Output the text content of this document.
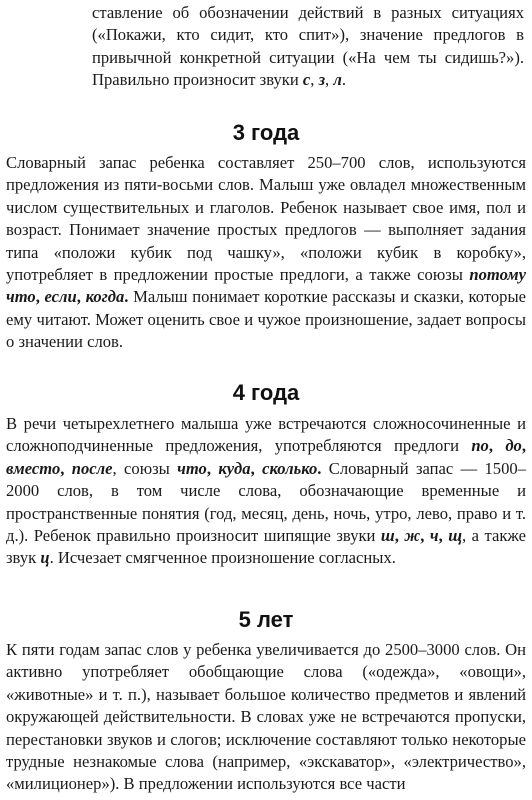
ставление об обозначении действий в разных ситуациях («Покажи, кто сидит, кто спит»), значение предлогов в привычной конкретной ситуации («На чем ты сидишь?»). Правильно произносит звуки с, з, л.

3 года

Словарный запас ребенка составляет 250–700 слов, используются предложения из пяти-восьми слов. Малыш уже овладел множественным числом существительных и глаголов. Ребенок называет свое имя, пол и возраст. Понимает значение простых предлогов — выполняет задания типа «положи кубик под чашку», «положи кубик в коробку», употребляет в предложении простые предлоги, а также союзы потому что, если, когда. Малыш понимает короткие рассказы и сказки, которые ему читают. Может оценить свое и чужое произношение, задает вопросы о значении слов.

4 года

В речи четырехлетнего малыша уже встречаются сложносочиненные и сложноподчиненные предложения, употребляются предлоги по, до, вместо, после, союзы что, куда, сколько. Словарный запас — 1500–2000 слов, в том числе слова, обозначающие временные и пространственные понятия (год, месяц, день, ночь, утро, лево, право и т. д.). Ребенок правильно произносит шипящие звуки ш, ж, ч, щ, а также звук ц. Исчезает смягченное произношение согласных.

5 лет

К пяти годам запас слов у ребенка увеличивается до 2500–3000 слов. Он активно употребляет обобщающие слова («одежда», «овощи», «животные» и т. п.), называет большое количество предметов и явлений окружающей действительности. В словах уже не встречаются пропуски, перестановки звуков и слогов; исключение составляют только некоторые трудные незнакомые слова (например, «экскаватор», «электричество», «милиционер»). В предложении используются все части
